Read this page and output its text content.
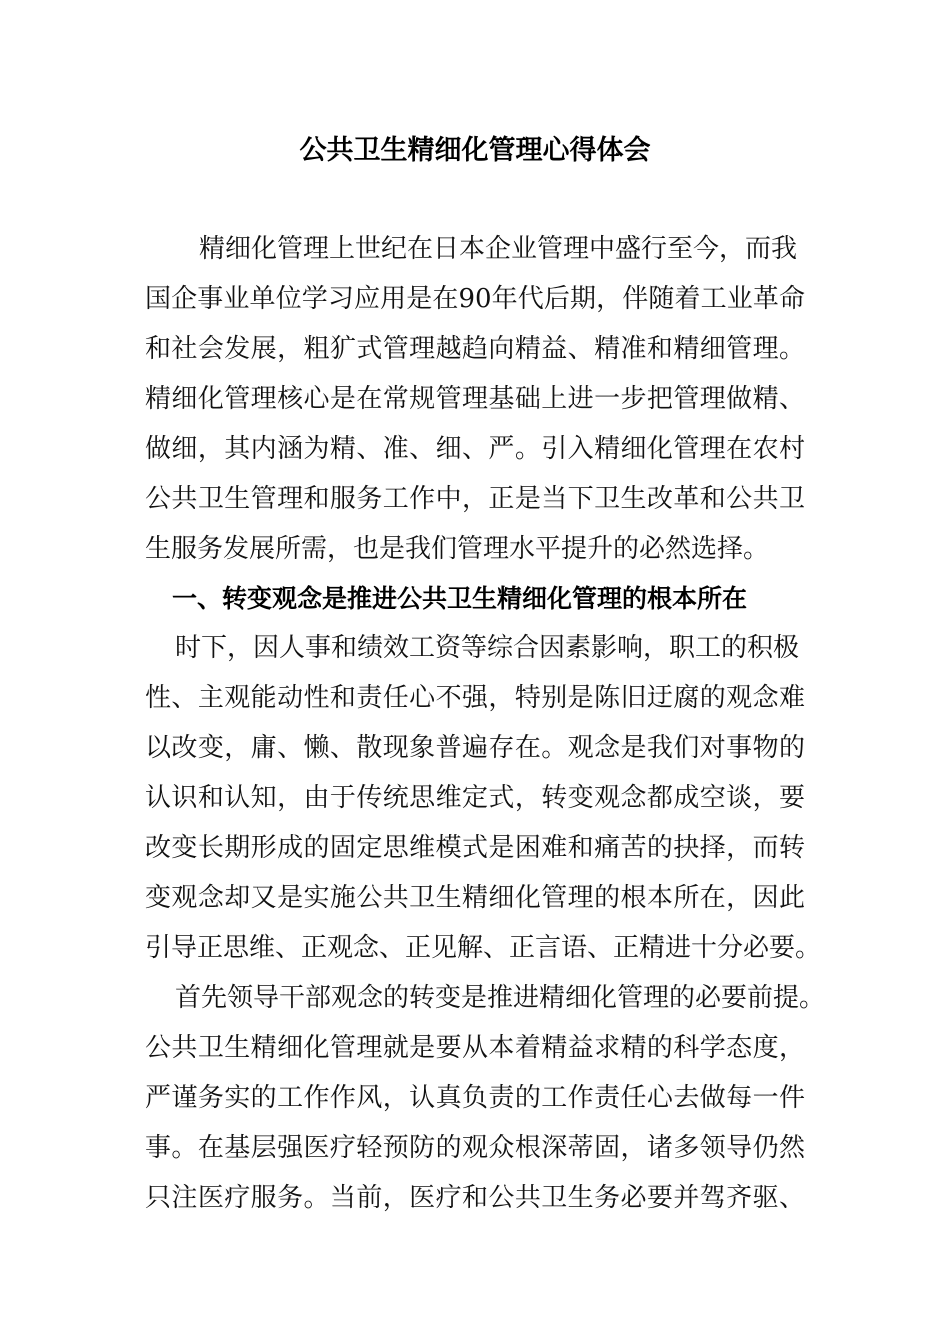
公共卫生精细化管理心得体会

精细化管理上世纪在日本企业管理中盛行至今，而我

国企事业单位学习应用是在90年代后期，伴随着工业革命

和社会发展，粗犷式管理越趋向精益、精准和精细管理。

精细化管理核心是在常规管理基础上进一步把管理做精、

做细，其内涵为精、准、细、严。引入精细化管理在农村

公共卫生管理和服务工作中，正是当下卫生改革和公共卫

生服务发展所需，也是我们管理水平提升的必然选择。

一、转变观念是推进公共卫生精细化管理的根本所在

时下，因人事和绩效工资等综合因素影响，职工的积极

性、主观能动性和责任心不强，特别是陈旧迂腐的观念难

以改变，庸、懒、散现象普遍存在。观念是我们对事物的

认识和认知，由于传统思维定式，转变观念都成空谈，要

改变长期形成的固定思维模式是困难和痛苦的抉择，而转

变观念却又是实施公共卫生精细化管理的根本所在，因此

引导正思维、正观念、正见解、正言语、正精进十分必要。

首先领导干部观念的转变是推进精细化管理的必要前提。

公共卫生精细化管理就是要从本着精益求精的科学态度，

严谨务实的工作作风，认真负责的工作责任心去做每一件

事。在基层强医疗轻预防的观众根深蒂固，诸多领导仍然

只注医疗服务。当前，医疗和公共卫生务必要并驾齐驱、
